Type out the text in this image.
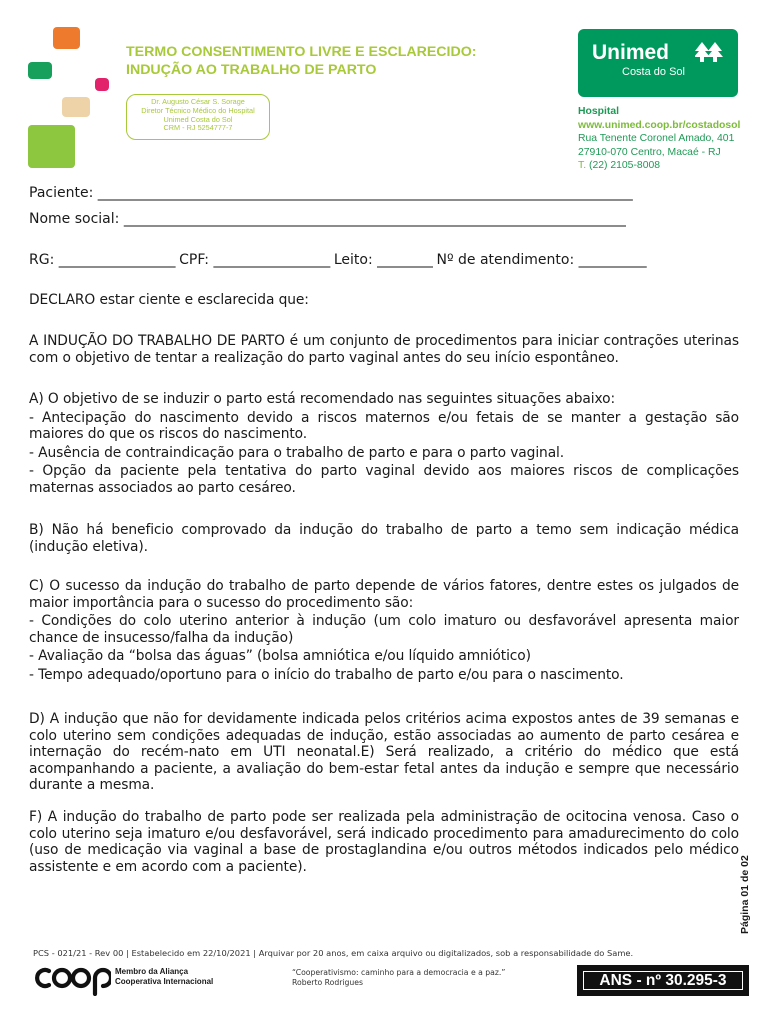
TERMO CONSENTIMENTO LIVRE E ESCLARECIDO:
INDUÇÃO AO TRABALHO DE PARTO
Dr. Augusto César S. Sorage
Diretor Técnico Médico do Hospital
Unimed Costa do Sol
CRM - RJ 5254777-7
Unimed
Costa do Sol
Hospital
www.unimed.coop.br/costadosol
Rua Tenente Coronel Amado, 401
27910-070 Centro, Macaé - RJ
T. (22) 2105-8008
Paciente: _________________________________________________________________________________
Nome social: ____________________________________________________________________________
RG: ___________________ CPF: ___________________ Leito: _________ Nº de atendimento: ___________

DECLARO estar ciente e esclarecida que:

A INDUÇÃO DO TRABALHO DE PARTO é um conjunto de procedimentos para iniciar contrações uterinas com o objetivo de tentar a realização do parto vaginal antes do seu início espontâneo.

A) O objetivo de se induzir o parto está recomendado nas seguintes situações abaixo:

- Antecipação do nascimento devido a riscos maternos e/ou fetais de se manter a gestação são maiores do que os riscos do nascimento.

- Ausência de contraindicação para o trabalho de parto e para o parto vaginal.

- Opção da paciente pela tentativa do parto vaginal devido aos maiores riscos de complicações maternas associados ao parto cesáreo.

B) Não há beneficio comprovado da indução do trabalho de parto a temo sem indicação médica (indução eletiva).

C) O sucesso da indução do trabalho de parto depende de vários fatores, dentre estes os julgados de maior importância para o sucesso do procedimento são:

- Condições do colo uterino anterior à indução (um colo imaturo ou desfavorável apresenta maior chance de insucesso/falha da indução)

- Avaliação da “bolsa das águas” (bolsa amniótica e/ou líquido amniótico)

- Tempo adequado/oportuno para o início do trabalho de parto e/ou para o nascimento.

D) A indução que não for devidamente indicada pelos critérios acima expostos antes de 39 semanas e colo uterino sem condições adequadas de indução, estão associadas ao aumento de parto cesárea e internação do recém-nato em UTI neonatal.E) Será realizado, a critério do médico que está acompanhando a paciente, a avaliação do bem-estar fetal antes da indução e sempre que necessário durante a mesma.

F) A indução do trabalho de parto pode ser realizada pela administração de ocitocina venosa. Caso o colo uterino seja imaturo e/ou desfavorável, será indicado procedimento para amadurecimento do colo (uso de medicação via vaginal a base de prostaglandina e/ou outros métodos indicados pelo médico assistente e em acordo com a paciente).	Página 01 de 02
PCS - 021/21 - Rev 00 | Estabelecido em 22/10/2021 | Arquivar por 20 anos, em caixa arquivo ou digitalizados, sob a responsabilidade do Same.
Membro da Aliança
Cooperativa Internacional
“Cooperativismo: caminho para a democracia e a paz.”
Roberto Rodrigues	ANS - nº 30.295-3
